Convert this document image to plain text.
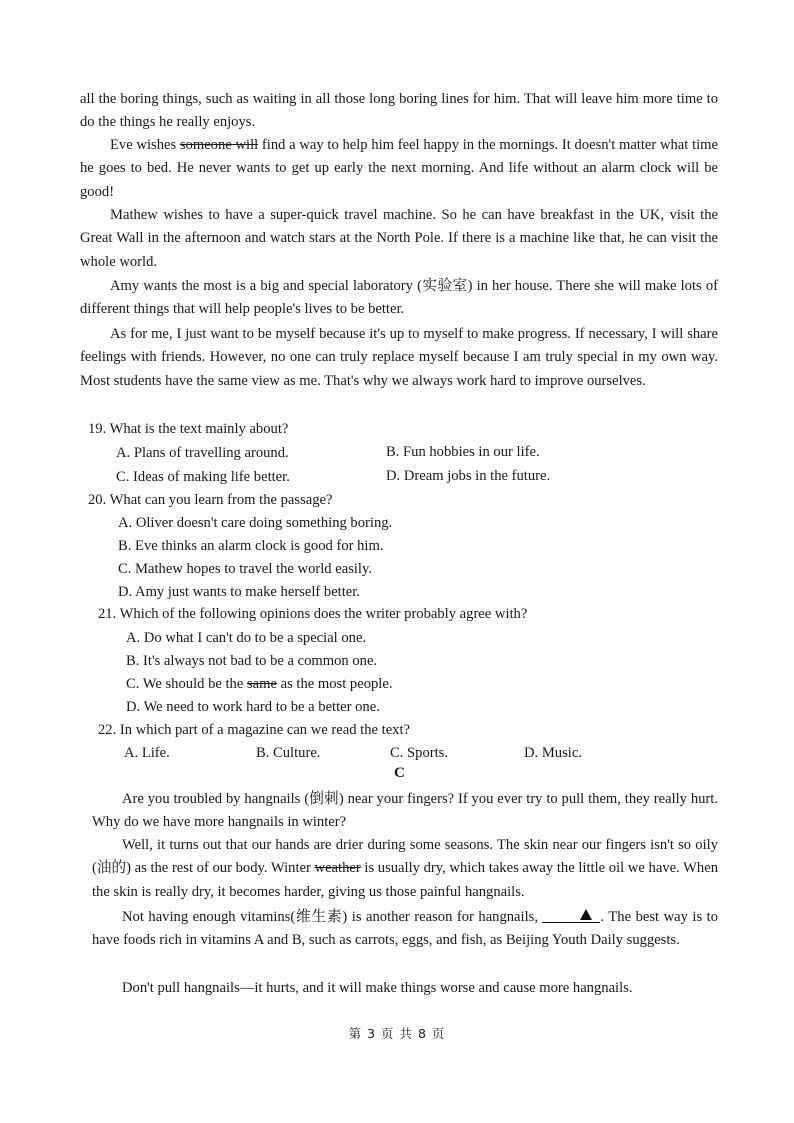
all the boring things, such as waiting in all those long boring lines for him. That will leave him more time to do the things he really enjoys.
Eve wishes someone will find a way to help him feel happy in the mornings. It doesn't matter what time he goes to bed. He never wants to get up early the next morning. And life without an alarm clock will be good!
Mathew wishes to have a super-quick travel machine. So he can have breakfast in the UK, visit the Great Wall in the afternoon and watch stars at the North Pole. If there is a machine like that, he can visit the whole world.
Amy wants the most is a big and special laboratory (实验室) in her house. There she will make lots of different things that will help people's lives to be better.
As for me, I just want to be myself because it's up to myself to make progress. If necessary, I will share feelings with friends. However, no one can truly replace myself because I am truly special in my own way. Most students have the same view as me. That's why we always work hard to improve ourselves.
19. What is the text mainly about?
A. Plans of travelling around.	B. Fun hobbies in our life.
C. Ideas of making life better.	D. Dream jobs in the future.
20. What can you learn from the passage?
A. Oliver doesn't care doing something boring.
B. Eve thinks an alarm clock is good for him.
C. Mathew hopes to travel the world easily.
D. Amy just wants to make herself better.
21. Which of the following opinions does the writer probably agree with?
A. Do what I can't do to be a special one.
B. It's always not bad to be a common one.
C. We should be the same as the most people.
D. We need to work hard to be a better one.
22. In which part of a magazine can we read the text?
A. Life.	B. Culture.	C. Sports.	D. Music.
C
Are you troubled by hangnails (倒刺) near your fingers? If you ever try to pull them, they really hurt. Why do we have more hangnails in winter?
Well, it turns out that our hands are drier during some seasons. The skin near our fingers isn't so oily (油的) as the rest of our body. Winter weather is usually dry, which takes away the little oil we have. When the skin is really dry, it becomes harder, giving us those painful hangnails.
Not having enough vitamins(维生素) is another reason for hangnails,	. The best way is to have foods rich in vitamins A and B, such as carrots, eggs, and fish, as Beijing Youth Daily suggests.
Don't pull hangnails—it hurts, and it will make things worse and cause more hangnails.
第 3 页 共 8 页
